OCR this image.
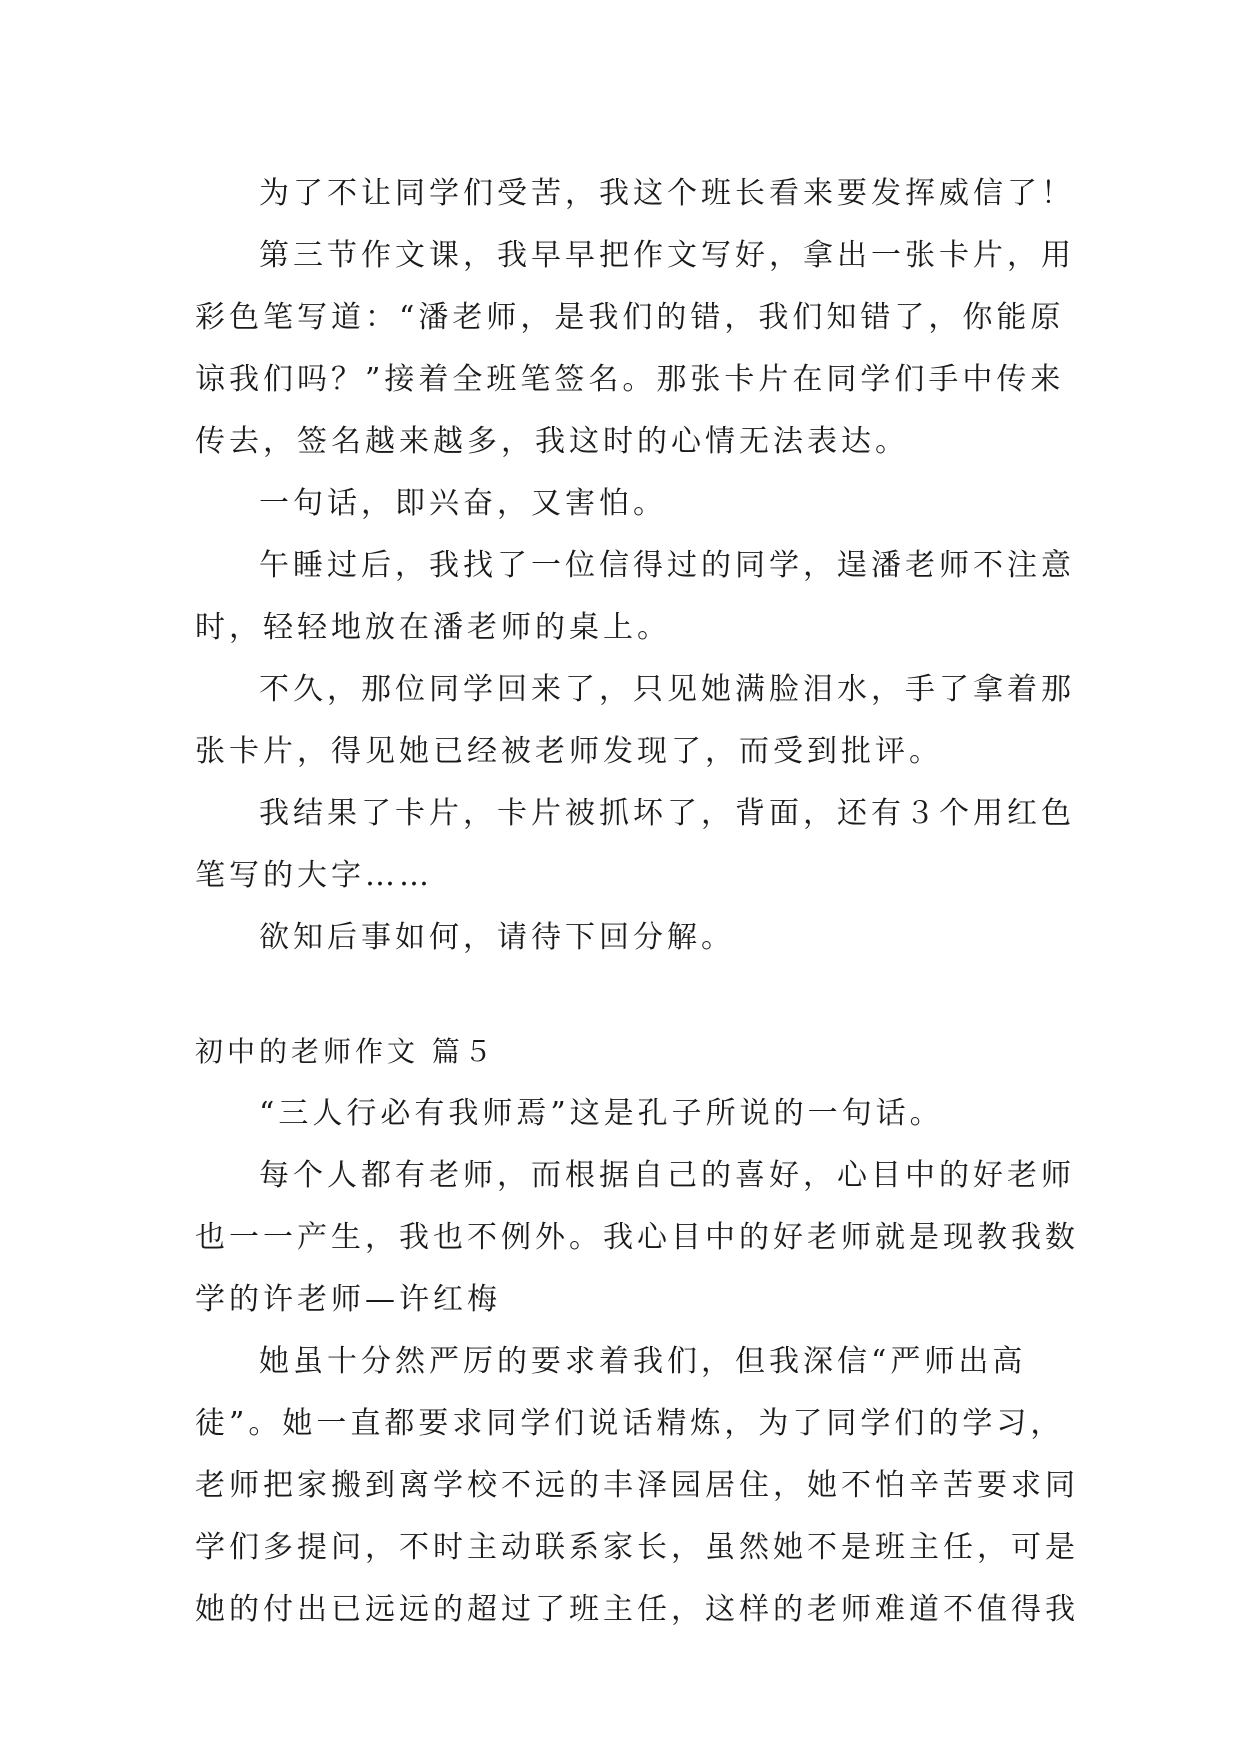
为了不让同学们受苦，我这个班长看来要发挥威信了！
第三节作文课，我早早把作文写好，拿出一张卡片，用
彩色笔写道：“潘老师，是我们的错，我们知错了，你能原
谅我们吗？”接着全班笔签名。那张卡片在同学们手中传来
传去，签名越来越多，我这时的心情无法表达。
一句话，即兴奋，又害怕。
午睡过后，我找了一位信得过的同学，逞潘老师不注意
时，轻轻地放在潘老师的桌上。
不久，那位同学回来了，只见她满脸泪水，手了拿着那
张卡片，得见她已经被老师发现了，而受到批评。
我结果了卡片，卡片被抓坏了，背面，还有３个用红色
笔写的大字……
欲知后事如何，请待下回分解。
初中的老师作文 篇５
“三人行必有我师焉”这是孔子所说的一句话。
每个人都有老师，而根据自己的喜好，心目中的好老师
也一一产生，我也不例外。我心目中的好老师就是现教我数
学的许老师—许红梅
她虽十分然严厉的要求着我们，但我深信“严师出高
徒”。她一直都要求同学们说话精炼，为了同学们的学习，
老师把家搬到离学校不远的丰泽园居住，她不怕辛苦要求同
学们多提问，不时主动联系家长，虽然她不是班主任，可是
她的付出已远远的超过了班主任，这样的老师难道不值得我
